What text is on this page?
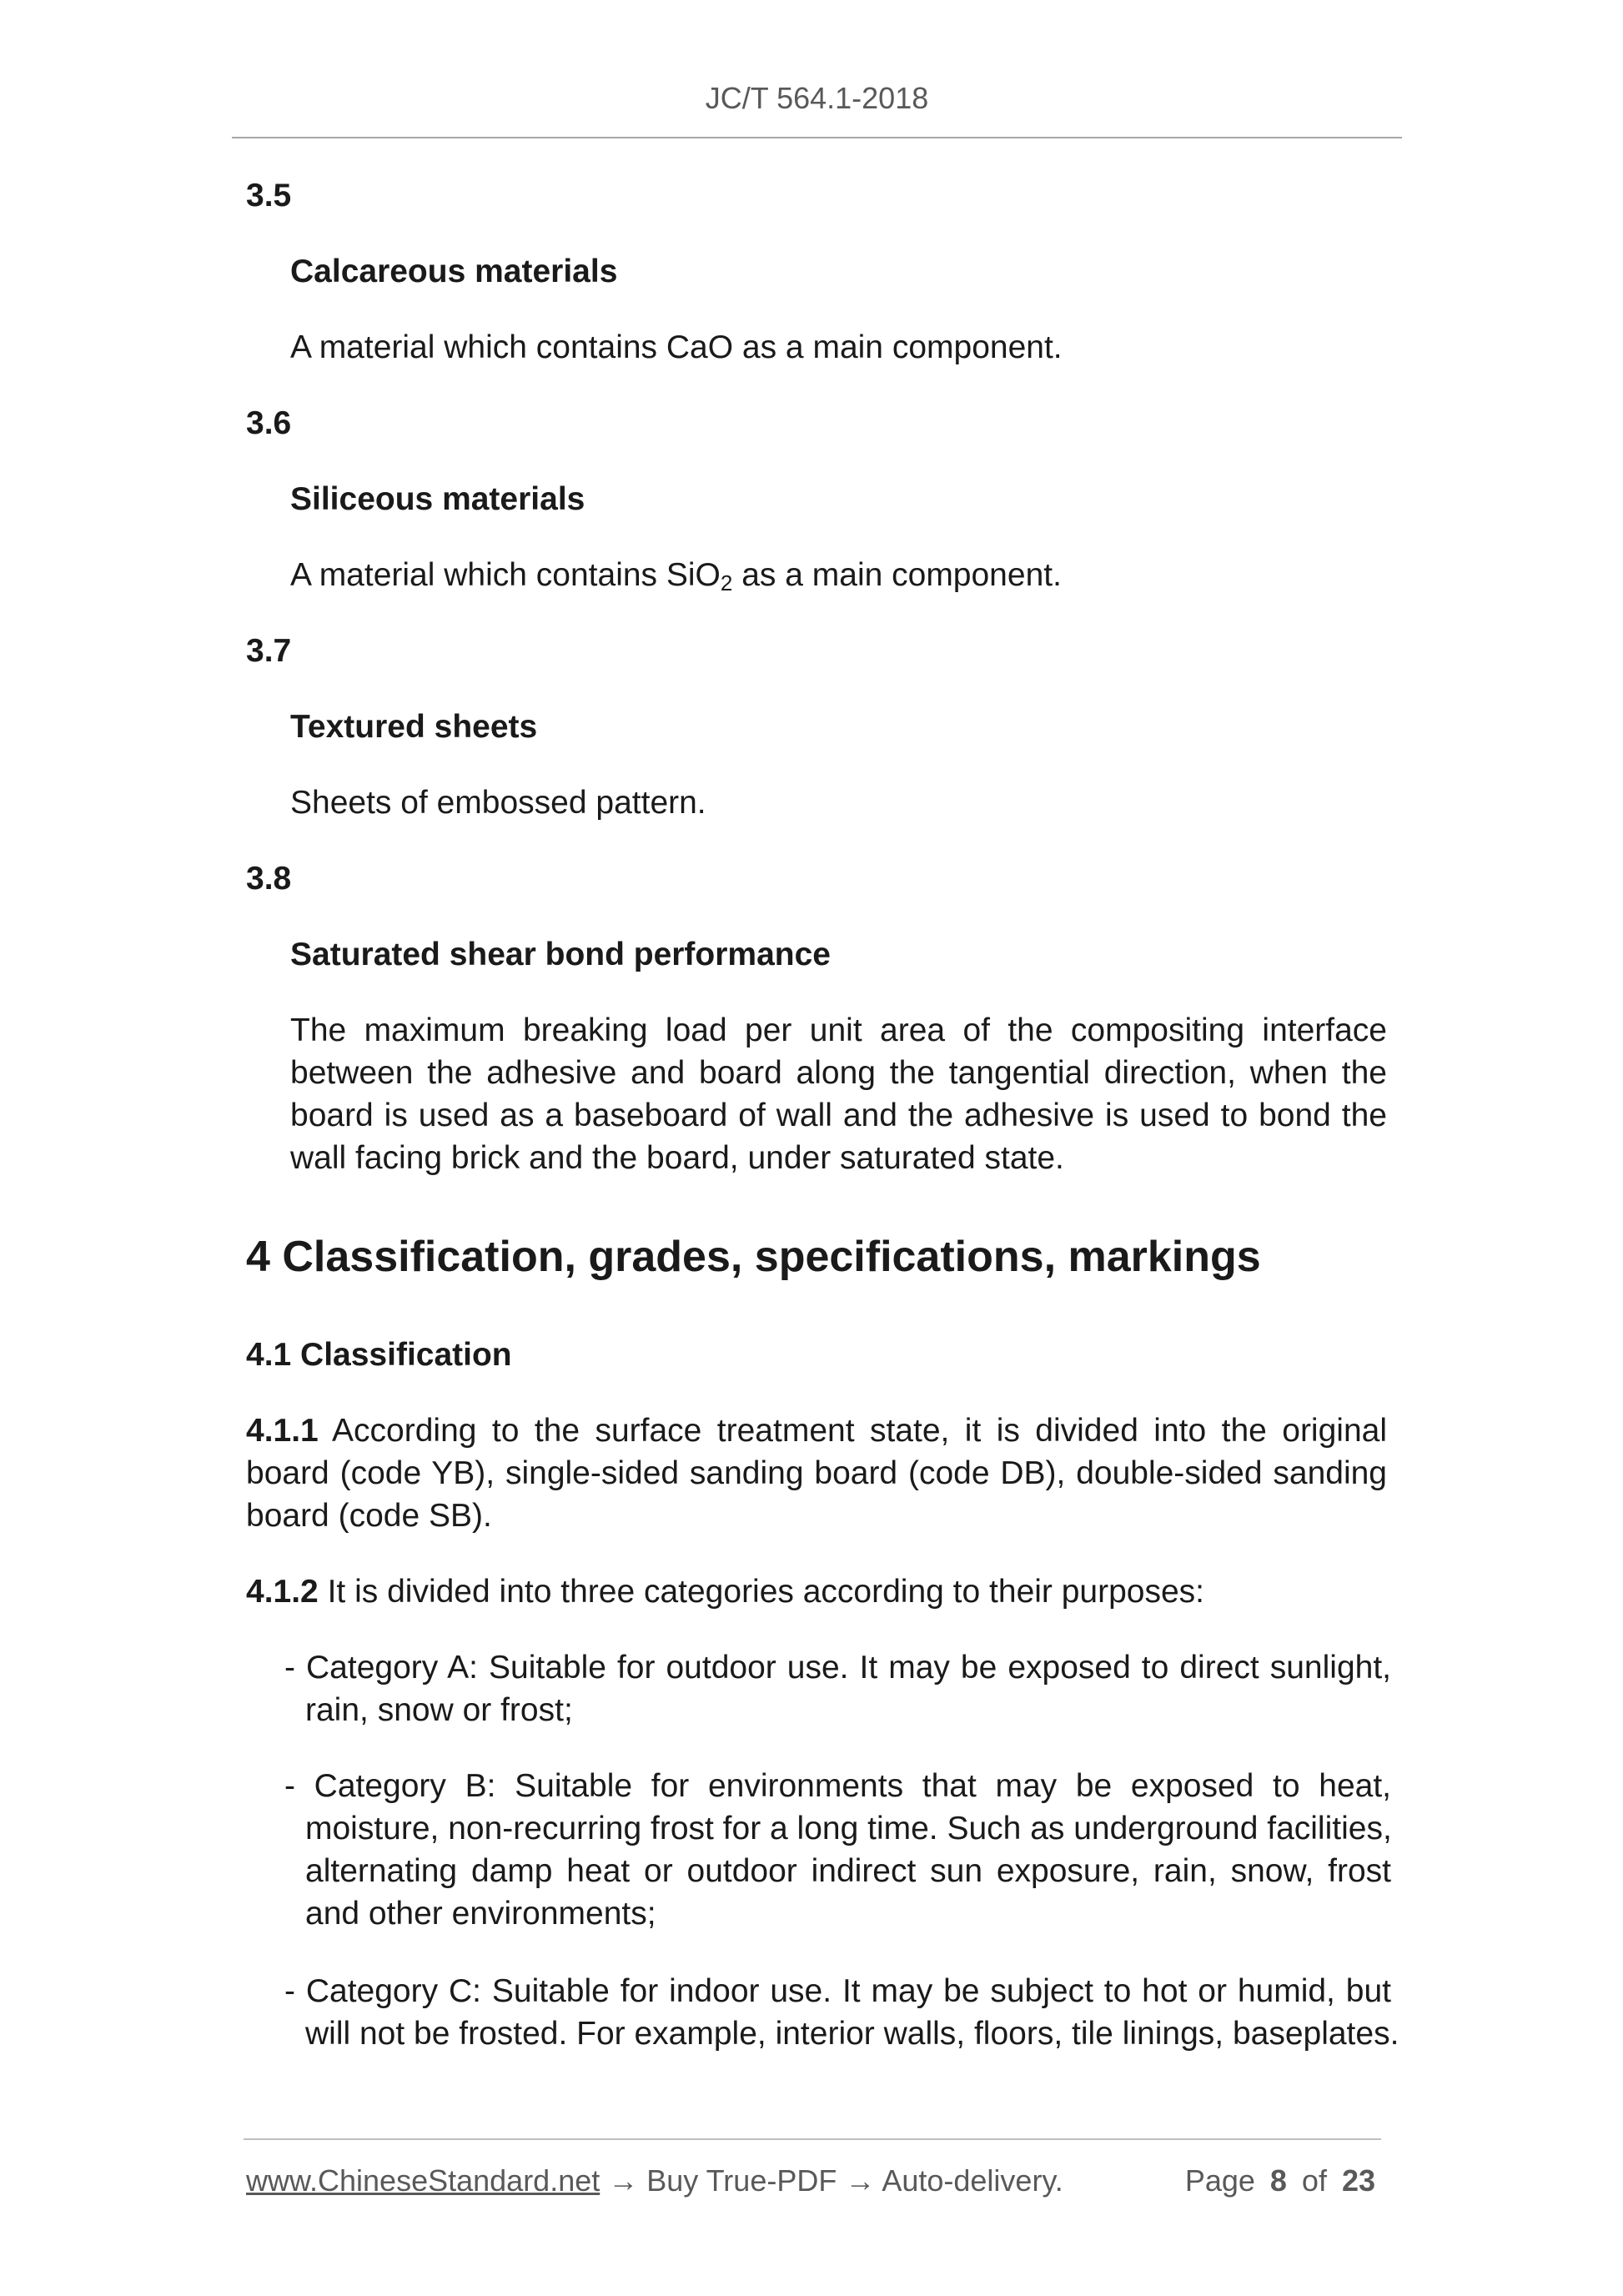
JC/T 564.1-2018
3.5
Calcareous materials
A material which contains CaO as a main component.
3.6
Siliceous materials
A material which contains SiO2 as a main component.
3.7
Textured sheets
Sheets of embossed pattern.
3.8
Saturated shear bond performance
The maximum breaking load per unit area of the compositing interface
between the adhesive and board along the tangential direction, when the
board is used as a baseboard of wall and the adhesive is used to bond the
wall facing brick and the board, under saturated state.
4 Classification, grades, specifications, markings
4.1 Classification
4.1.1 According to the surface treatment state, it is divided into the original
board (code YB), single-sided sanding board (code DB), double-sided sanding
board (code SB).
4.1.2 It is divided into three categories according to their purposes:
- Category A: Suitable for outdoor use. It may be exposed to direct sunlight,
rain, snow or frost;
- Category B: Suitable for environments that may be exposed to heat,
moisture, non-recurring frost for a long time. Such as underground facilities,
alternating damp heat or outdoor indirect sun exposure, rain, snow, frost
and other environments;
- Category C: Suitable for indoor use. It may be subject to hot or humid, but
will not be frosted. For example, interior walls, floors, tile linings, baseplates.
www.ChineseStandard.net → Buy True-PDF → Auto-delivery.	Page 8 of 23
